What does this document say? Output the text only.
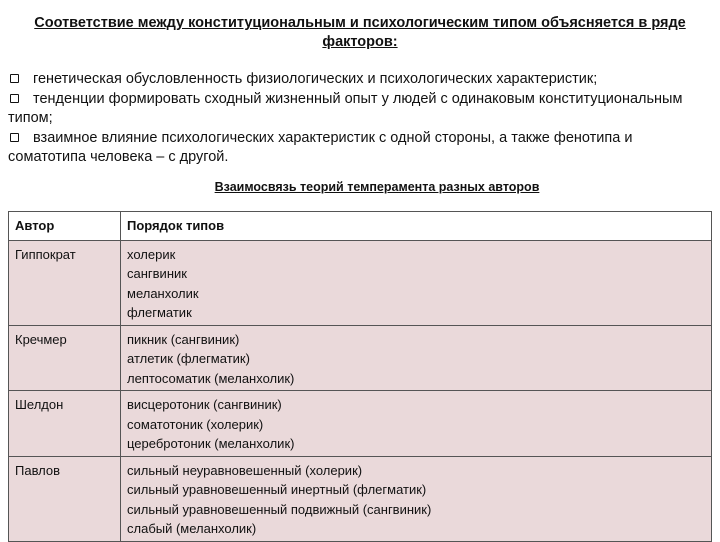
Соответствие между конституциональным и психологическим типом объясняется в ряде факторов:

генетическая обусловленность физиологических и психологических характеристик;

тенденции формировать сходный жизненный опыт у людей с одинаковым конституциональным типом;

взаимное влияние психологических характеристик с одной стороны, а также фенотипа и соматотипа человека – с другой.

Взаимосвязь теорий темперамента разных авторов
Автор	Порядок типов
Гиппократ	холерик
сангвиник
меланхолик
флегматик

Кречмер	пикник (сангвиник)
атлетик (флегматик)
лептосоматик (меланхолик)

Шелдон	висцеротоник (сангвиник)
соматотоник (холерик)
церебротоник (меланхолик)

Павлов	сильный неуравновешенный (холерик)
сильный уравновешенный инертный (флегматик)
сильный уравновешенный подвижный (сангвиник)
слабый (меланхолик)
